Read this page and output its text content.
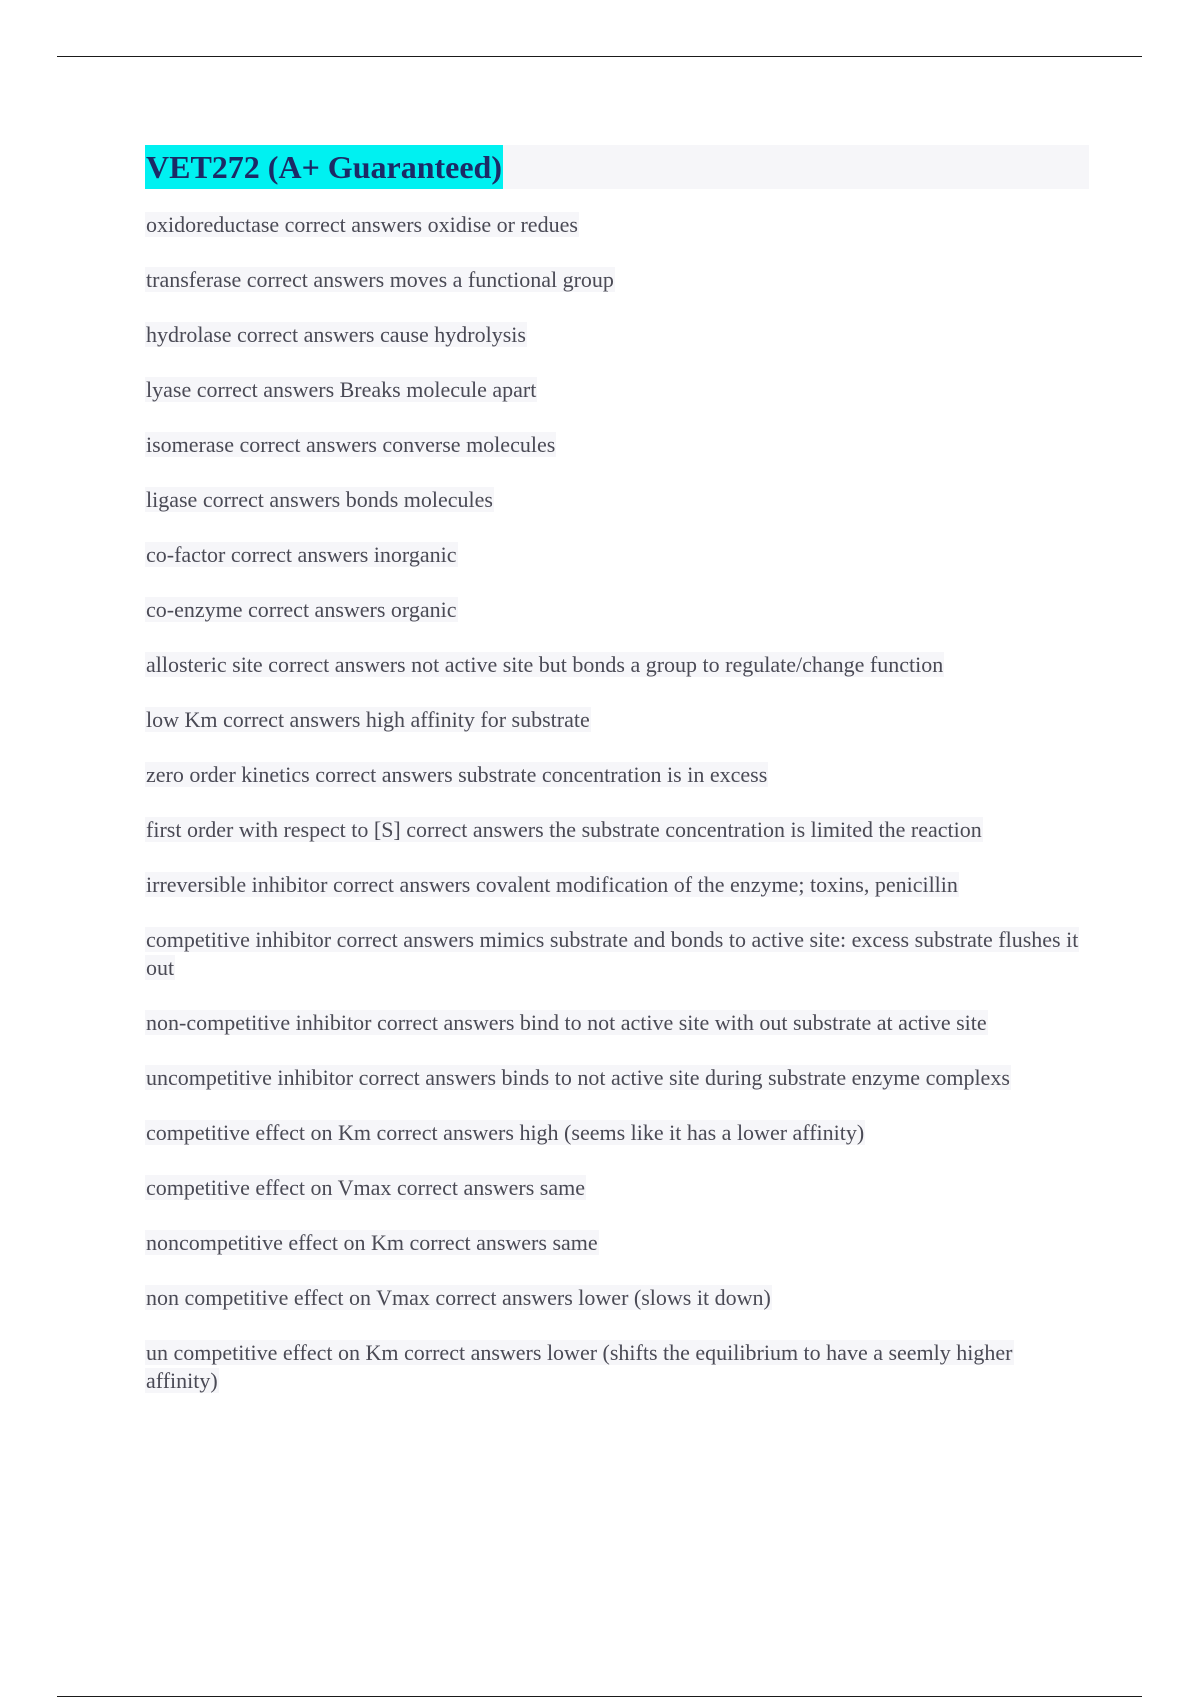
VET272 (A+ Guaranteed)
oxidoreductase correct answers oxidise or redues
transferase correct answers moves a functional group
hydrolase correct answers cause hydrolysis
lyase correct answers Breaks molecule apart
isomerase correct answers converse molecules
ligase correct answers bonds molecules
co-factor correct answers inorganic
co-enzyme correct answers organic
allosteric site correct answers not active site but bonds a group to regulate/change function
low Km correct answers high affinity for substrate
zero order kinetics correct answers substrate concentration is in excess
first order with respect to [S] correct answers the substrate concentration is limited the reaction
irreversible inhibitor correct answers covalent modification of the enzyme; toxins, penicillin
competitive inhibitor correct answers mimics substrate and bonds to active site: excess substrate flushes it out
non-competitive inhibitor correct answers bind to not active site with out substrate at active site
uncompetitive inhibitor correct answers binds to not active site during substrate enzyme complexs
competitive effect on Km correct answers high (seems like it has a lower affinity)
competitive effect on Vmax correct answers same
noncompetitive effect on Km correct answers same
non competitive effect on Vmax correct answers lower (slows it down)
un competitive effect on Km correct answers lower (shifts the equilibrium to have a seemly higher affinity)
